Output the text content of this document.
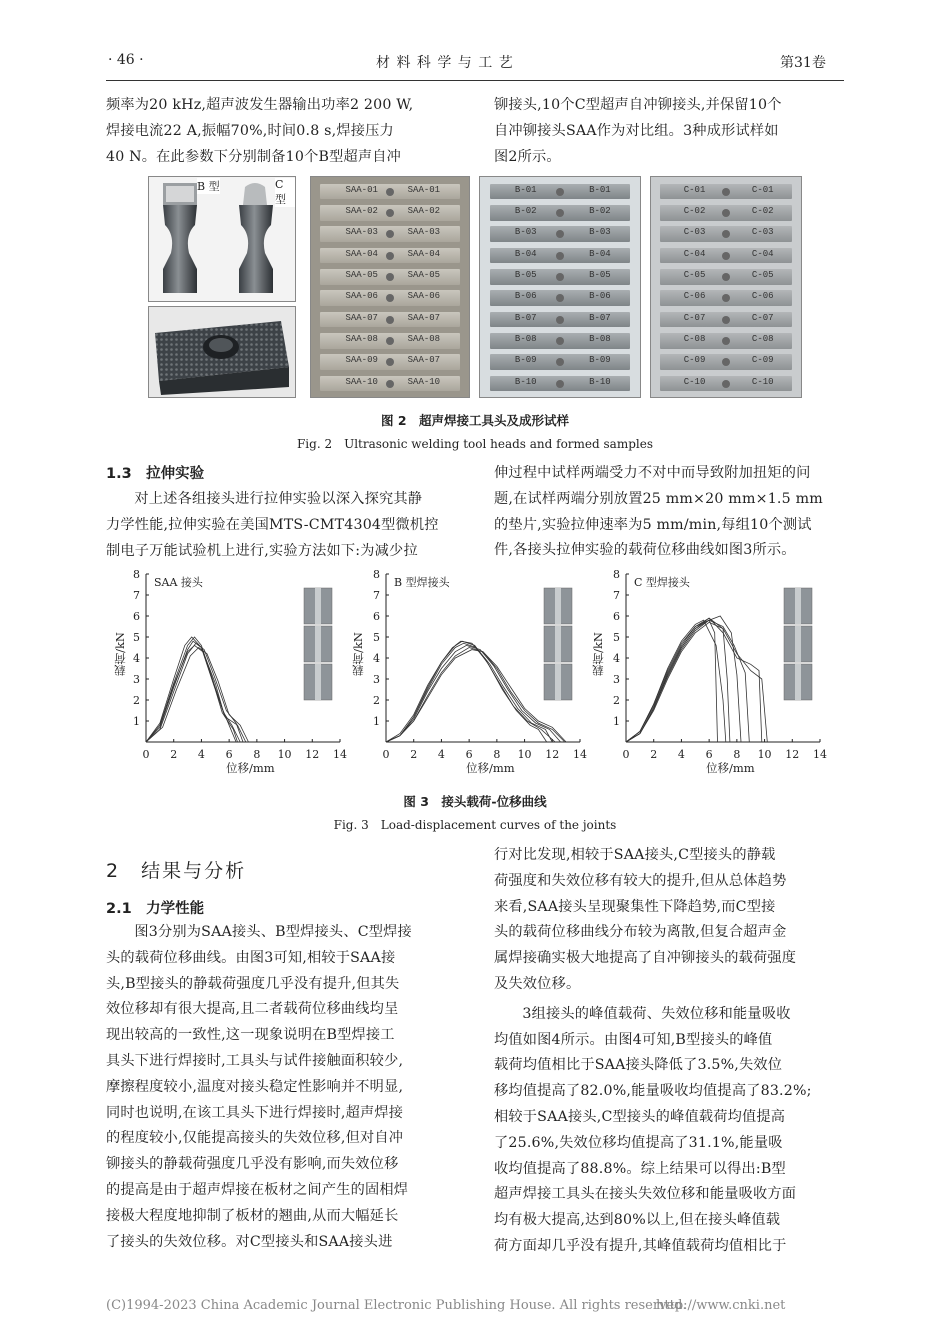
· 46 ·	材 料 科 学 与 工 艺	第31卷
频率为20 kHz,超声波发生器输出功率2 200 W,
焊接电流22 A,振幅70%,时间0.8 s,焊接压力
40 N。在此参数下分别制备10个B型超声自冲
铆接头,10个C型超声自冲铆接头,并保留10个
自冲铆接头SAA作为对比组。3种成形试样如
图2所示。
B 型	C 型
SAA-01	SAA-01
SAA-02	SAA-02
SAA-03	SAA-03
SAA-04	SAA-04
SAA-05	SAA-05
SAA-06	SAA-06
SAA-07	SAA-07
SAA-08	SAA-08
SAA-09	SAA-07
SAA-10	SAA-10
B-01	B-01
B-02	B-02
B-03	B-03
B-04	B-04
B-05	B-05
B-06	B-06
B-07	B-07
B-08	B-08
B-09	B-09
B-10	B-10
C-01	C-01
C-02	C-02
C-03	C-03
C-04	C-04
C-05	C-05
C-06	C-06
C-07	C-07
C-08	C-08
C-09	C-09
C-10	C-10
图 2　超声焊接工具头及成形试样
Fig. 2　Ultrasonic welding tool heads and formed samples
1.3　拉伸实验
对上述各组接头进行拉伸实验以深入探究其静
力学性能,拉伸实验在美国MTS-CMT4304型微机控
制电子万能试验机上进行,实验方法如下:为减少拉
伸过程中试样两端受力不对中而导致附加扭矩的问
题,在试样两端分别放置25 mm×20 mm×1.5 mm
的垫片,实验拉伸速率为5 mm/min,每组10个测试
件,各接头拉伸实验的载荷位移曲线如图3所示。
0 2 4 6 8 10 12 14
1
2
3
4
5
6
7
8
SAA 接头
载荷/kN
位移/mm
0 2 4 6 8 10 12 14
1
2
3
4
5
6
7
8
B 型焊接头
载荷/kN
位移/mm
0 2 4 6 8 10 12 14
1
2
3
4
5
6
7
8
C 型焊接头
载荷/kN
位移/mm
图 3　接头载荷-位移曲线
Fig. 3　Load-displacement curves of the joints
2　结果与分析
2.1　力学性能
图3分别为SAA接头、B型焊接头、C型焊接
头的载荷位移曲线。由图3可知,相较于SAA接
头,B型接头的静载荷强度几乎没有提升,但其失
效位移却有很大提高,且二者载荷位移曲线均呈
现出较高的一致性,这一现象说明在B型焊接工
具头下进行焊接时,工具头与试件接触面积较少,
摩擦程度较小,温度对接头稳定性影响并不明显,
同时也说明,在该工具头下进行焊接时,超声焊接
的程度较小,仅能提高接头的失效位移,但对自冲
铆接头的静载荷强度几乎没有影响,而失效位移
的提高是由于超声焊接在板材之间产生的固相焊
接极大程度地抑制了板材的翘曲,从而大幅延长
了接头的失效位移。对C型接头和SAA接头进
行对比发现,相较于SAA接头,C型接头的静载
荷强度和失效位移有较大的提升,但从总体趋势
来看,SAA接头呈现聚集性下降趋势,而C型接
头的载荷位移曲线分布较为离散,但复合超声金
属焊接确实极大地提高了自冲铆接头的载荷强度
及失效位移。
3组接头的峰值载荷、失效位移和能量吸收
均值如图4所示。由图4可知,B型接头的峰值
载荷均值相比于SAA接头降低了3.5%,失效位
移均值提高了82.0%,能量吸收均值提高了83.2%;
相较于SAA接头,C型接头的峰值载荷均值提高
了25.6%,失效位移均值提高了31.1%,能量吸
收均值提高了88.8%。综上结果可以得出:B型
超声焊接工具头在接头失效位移和能量吸收方面
均有极大提高,达到80%以上,但在接头峰值载
荷方面却几乎没有提升,其峰值载荷均值相比于
(C)1994-2023 China Academic Journal Electronic Publishing House. All rights reserved.
http://www.cnki.net
